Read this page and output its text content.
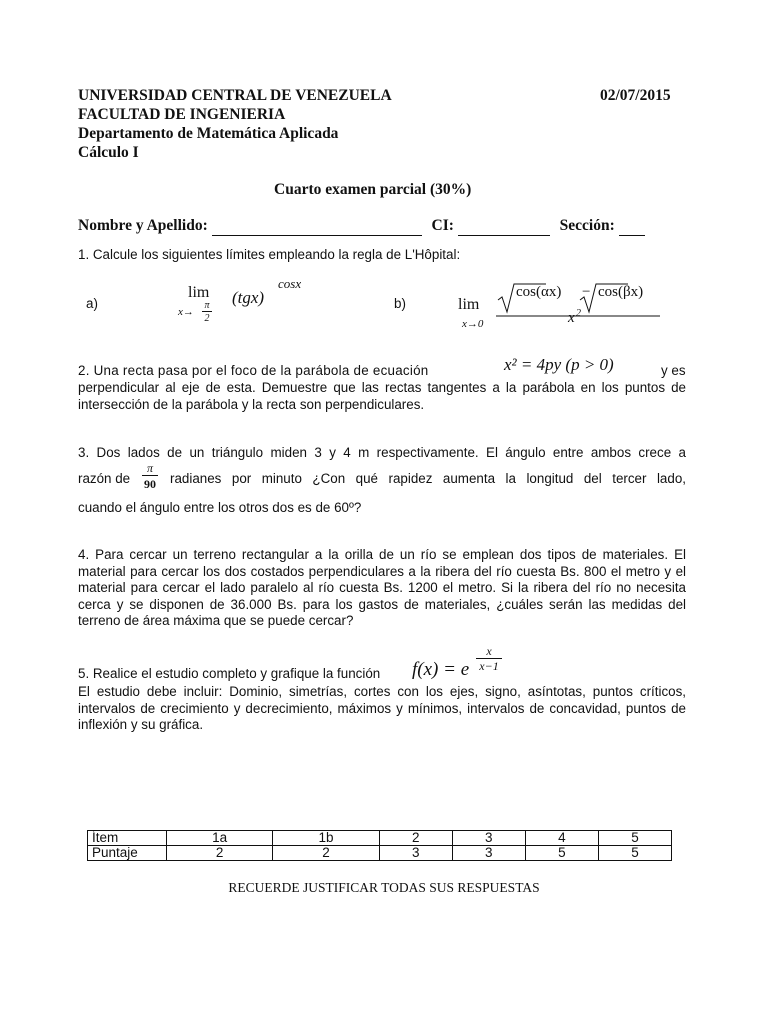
UNIVERSIDAD CENTRAL DE VENEZUELA
FACULTAD DE INGENIERIA
Departamento de Matemática Aplicada
Cálculo I
02/07/2015
Cuarto examen parcial (30%)
Nombre y Apellido:	CI:	Sección:
1. Calcule los siguientes límites empleando la regla de L'Hôpital:
a)
lim
x→
π
2
(tgx)
cosx
b)	lim
x→0
cos(αx) − cos(βx)
x 2
2. Una recta pasa por el foco de la parábola de ecuación	x² = 4py (p > 0)	y es
perpendicular al eje de esta. Demuestre que las rectas tangentes a la parábola en los puntos de intersección de la parábola y la recta son perpendiculares.
3. Dos lados de un triángulo miden 3 y 4 m respectivamente. El ángulo entre ambos crece a
razón de
π
90 radianes por minuto ¿Con qué rapidez aumenta la longitud del tercer lado,
cuando el ángulo entre los otros dos es de 60º?
4. Para cercar un terreno rectangular a la orilla de un río se emplean dos tipos de materiales. El material para cercar los dos costados perpendiculares a la ribera del río cuesta Bs. 800 el metro y el material para cercar el lado paralelo al río cuesta Bs. 1200 el metro. Si la ribera del río no necesita cerca y se disponen de 36.000 Bs. para los gastos de materiales, ¿cuáles serán las medidas del terreno de área máxima que se puede cercar?
5. Realice el estudio completo y grafique la función f(x) = e
x
x−1
El estudio debe incluir: Dominio, simetrías, cortes con los ejes, signo, asíntotas, puntos críticos, intervalos de crecimiento y decrecimiento, máximos y mínimos, intervalos de concavidad, puntos de inflexión y su gráfica.
Ítem	1a	1b	2	3	4	5
Puntaje	2	2	3	3	5	5
RECUERDE JUSTIFICAR TODAS SUS RESPUESTAS
